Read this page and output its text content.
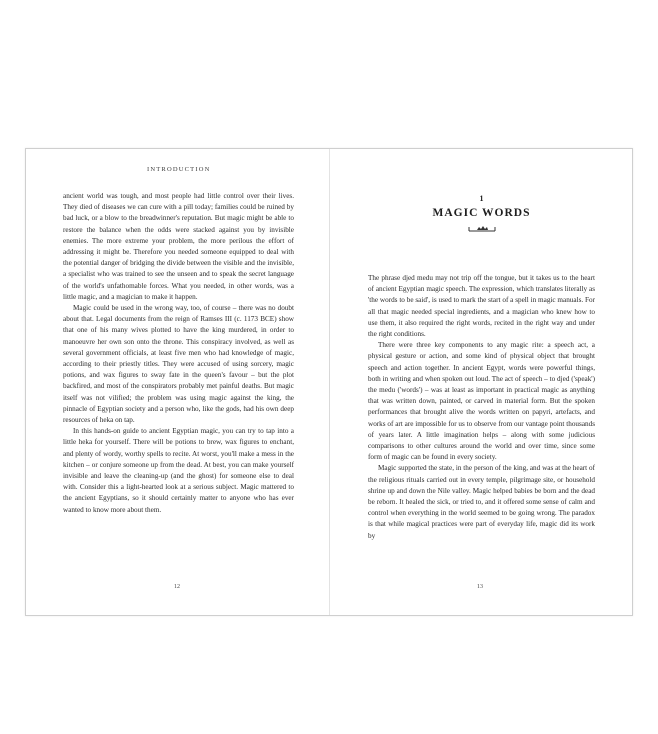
INTRODUCTION

ancient world was tough, and most people had little control over their lives. They died of diseases we can cure with a pill today; families could be ruined by bad luck, or a blow to the breadwinner's reputation. But magic might be able to restore the balance when the odds were stacked against you by invisible enemies. The more extreme your problem, the more perilous the effort of addressing it might be. Therefore you needed someone equipped to deal with the potential danger of bridging the divide between the visible and the invisible, a specialist who was trained to see the unseen and to speak the secret language of the world's unfathomable forces. What you needed, in other words, was a little magic, and a magician to make it happen.

Magic could be used in the wrong way, too, of course – there was no doubt about that. Legal documents from the reign of Ramses III (c. 1173 BCE) show that one of his many wives plotted to have the king murdered, in order to manoeuvre her own son onto the throne. This conspiracy involved, as well as several government officials, at least five men who had knowledge of magic, according to their priestly titles. They were accused of using sorcery, magic potions, and wax figures to sway fate in the queen's favour – but the plot backfired, and most of the conspirators probably met painful deaths. But magic itself was not vilified; the problem was using magic against the king, the pinnacle of Egyptian society and a person who, like the gods, had his own deep resources of heka on tap.

In this hands-on guide to ancient Egyptian magic, you can try to tap into a little heka for yourself. There will be potions to brew, wax figures to enchant, and plenty of wordy, worthy spells to recite. At worst, you'll make a mess in the kitchen – or conjure someone up from the dead. At best, you can make yourself invisible and leave the cleaning-up (and the ghost) for someone else to deal with. Consider this a light-hearted look at a serious subject. Magic mattered to the ancient Egyptians, so it should certainly matter to anyone who has ever wanted to know more about them.

12
1
MAGIC WORDS

The phrase djed medu may not trip off the tongue, but it takes us to the heart of ancient Egyptian magic speech. The expression, which translates literally as 'the words to be said', is used to mark the start of a spell in magic manuals. For all that magic needed special ingredients, and a magician who knew how to use them, it also required the right words, recited in the right way and under the right conditions.

There were three key components to any magic rite: a speech act, a physical gesture or action, and some kind of physical object that brought speech and action together. In ancient Egypt, words were powerful things, both in writing and when spoken out loud. The act of speech – to djed ('speak') the medu ('words') – was at least as important in practical magic as anything that was written down, painted, or carved in material form. But the spoken performances that brought alive the words written on papyri, artefacts, and works of art are impossible for us to observe from our vantage point thousands of years later. A little imagination helps – along with some judicious comparisons to other cultures around the world and over time, since some form of magic can be found in every society.

Magic supported the state, in the person of the king, and was at the heart of the religious rituals carried out in every temple, pilgrimage site, or household shrine up and down the Nile valley. Magic helped babies be born and the dead be reborn. It healed the sick, or tried to, and it offered some sense of calm and control when everything in the world seemed to be going wrong. The paradox is that while magical practices were part of everyday life, magic did its work by

13
